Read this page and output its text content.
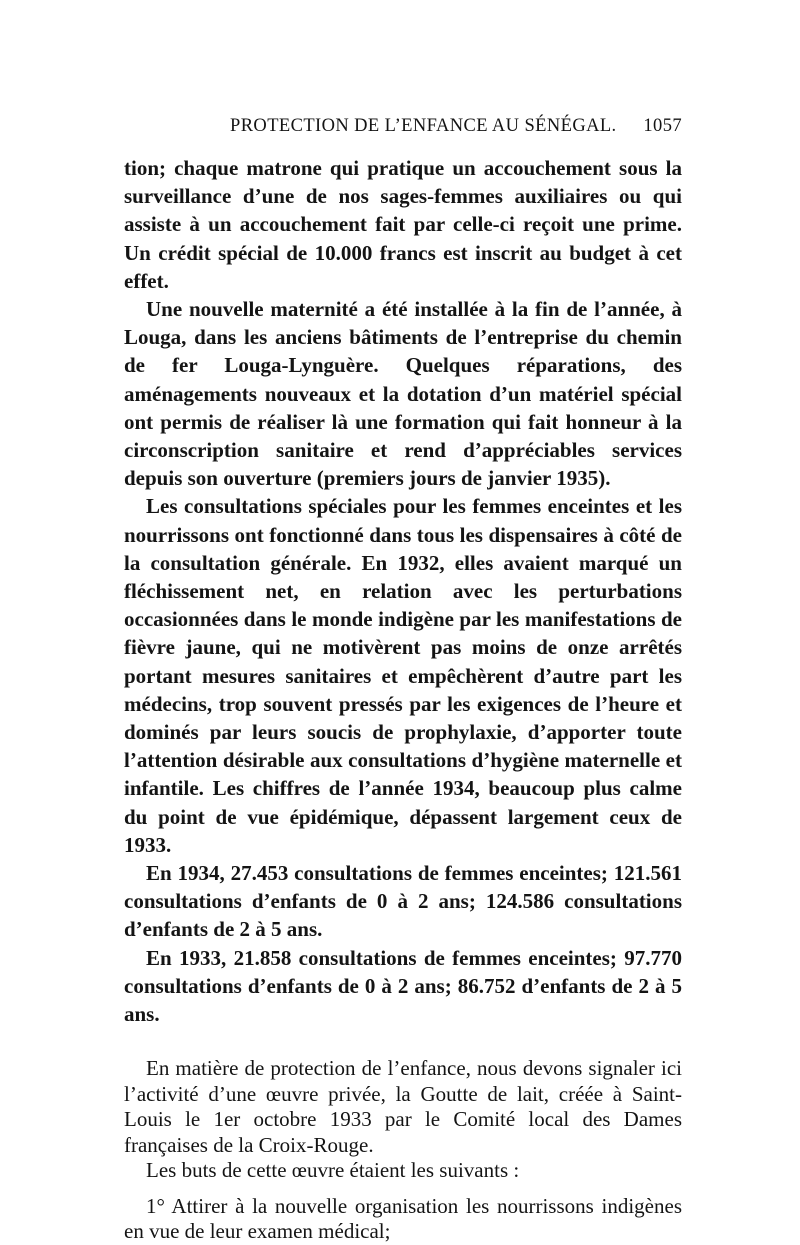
PROTECTION DE L’ENFANCE AU SÉNÉGAL. 1057

tion; chaque matrone qui pratique un accouchement sous la surveillance d’une de nos sages-femmes auxiliaires ou qui assiste à un accouchement fait par celle-ci reçoit une prime. Un crédit spécial de 10.000 francs est inscrit au budget à cet effet.

Une nouvelle maternité a été installée à la fin de l’année, à Louga, dans les anciens bâtiments de l’entreprise du chemin de fer Louga-Lynguère. Quelques réparations, des aménagements nouveaux et la dotation d’un matériel spécial ont permis de réaliser là une formation qui fait honneur à la circonscription sanitaire et rend d’appréciables services depuis son ouverture (premiers jours de janvier 1935).

Les consultations spéciales pour les femmes enceintes et les nourrissons ont fonctionné dans tous les dispensaires à côté de la consultation générale. En 1932, elles avaient marqué un fléchissement net, en relation avec les perturbations occasionnées dans le monde indigène par les manifestations de fièvre jaune, qui ne motivèrent pas moins de onze arrêtés portant mesures sanitaires et empêchèrent d’autre part les médecins, trop souvent pressés par les exigences de l’heure et dominés par leurs soucis de prophylaxie, d’apporter toute l’attention désirable aux consultations d’hygiène maternelle et infantile. Les chiffres de l’année 1934, beaucoup plus calme du point de vue épidémique, dépassent largement ceux de 1933.

En 1934, 27.453 consultations de femmes enceintes; 121.561 consultations d’enfants de 0 à 2 ans; 124.586 consultations d’enfants de 2 à 5 ans.

En 1933, 21.858 consultations de femmes enceintes; 97.770 consultations d’enfants de 0 à 2 ans; 86.752 d’enfants de 2 à 5 ans.

En matière de protection de l’enfance, nous devons signaler ici l’activité d’une œuvre privée, la Goutte de lait, créée à Saint-Louis le 1er octobre 1933 par le Comité local des Dames françaises de la Croix-Rouge.

Les buts de cette œuvre étaient les suivants :

1° Attirer à la nouvelle organisation les nourrissons indigènes en vue de leur examen médical;
